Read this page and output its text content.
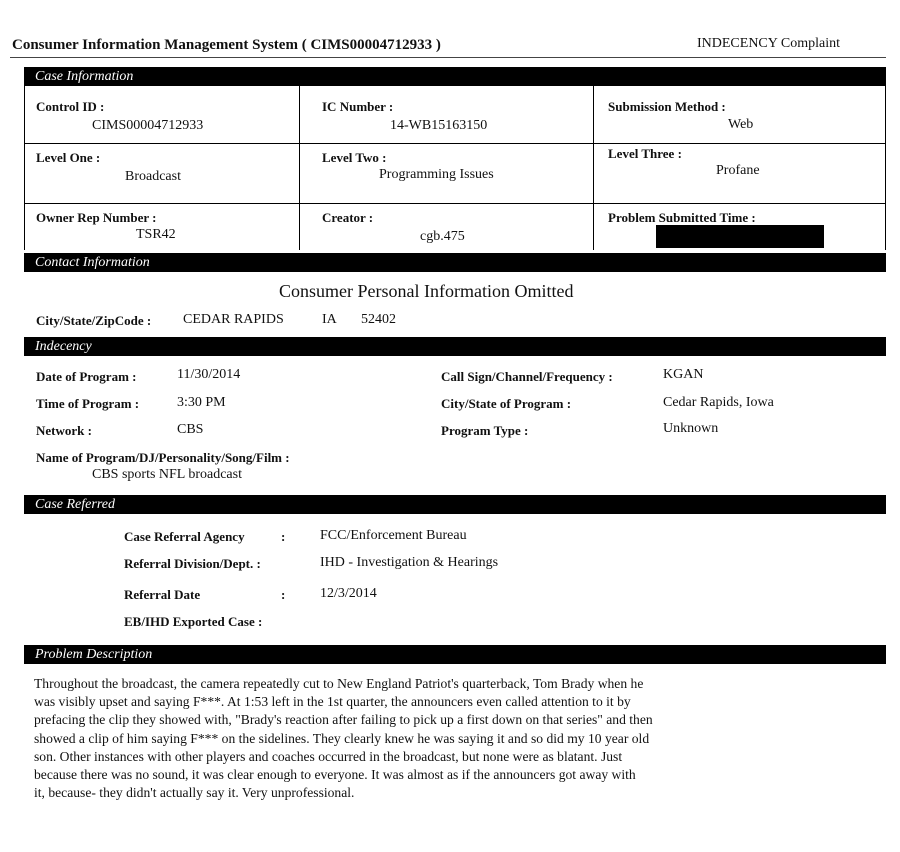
Consumer Information Management System ( CIMS00004712933 )	INDECENCY Complaint
Case Information
Control ID :
CIMS00004712933
IC Number :
14-WB15163150
Submission Method :
Web
Level One :
Broadcast
Level Two :
Programming Issues
Level Three :
Profane
Owner Rep Number :
TSR42
Creator :
cgb.475
Problem Submitted Time :
Contact Information
Consumer Personal Information Omitted
City/State/ZipCode : CEDAR RAPIDS	IA 52402
Indecency
Date of Program :	11/30/2014
Time of Program :	3:30 PM
Network :	CBS
Name of Program/DJ/Personality/Song/Film :
CBS sports NFL broadcast
Call Sign/Channel/Frequency :	KGAN
City/State of Program :	Cedar Rapids, Iowa
Program Type :	Unknown
Case Referred
Case Referral Agency	: FCC/Enforcement Bureau
Referral Division/Dept. :	IHD - Investigation & Hearings
Referral Date	: 12/3/2014
EB/IHD Exported Case :
Problem Description

Throughout the broadcast, the camera repeatedly cut to New England Patriot's quarterback, Tom Brady when he

was visibly upset and saying F***. At 1:53 left in the 1st quarter, the announcers even called attention to it by

prefacing the clip they showed with, "Brady's reaction after failing to pick up a first down on that series" and then

showed a clip of him saying F*** on the sidelines. They clearly knew he was saying it and so did my 10 year old

son. Other instances with other players and coaches occurred in the broadcast, but none were as blatant. Just

because there was no sound, it was clear enough to everyone. It was almost as if the announcers got away with

it, because- they didn't actually say it. Very unprofessional.
